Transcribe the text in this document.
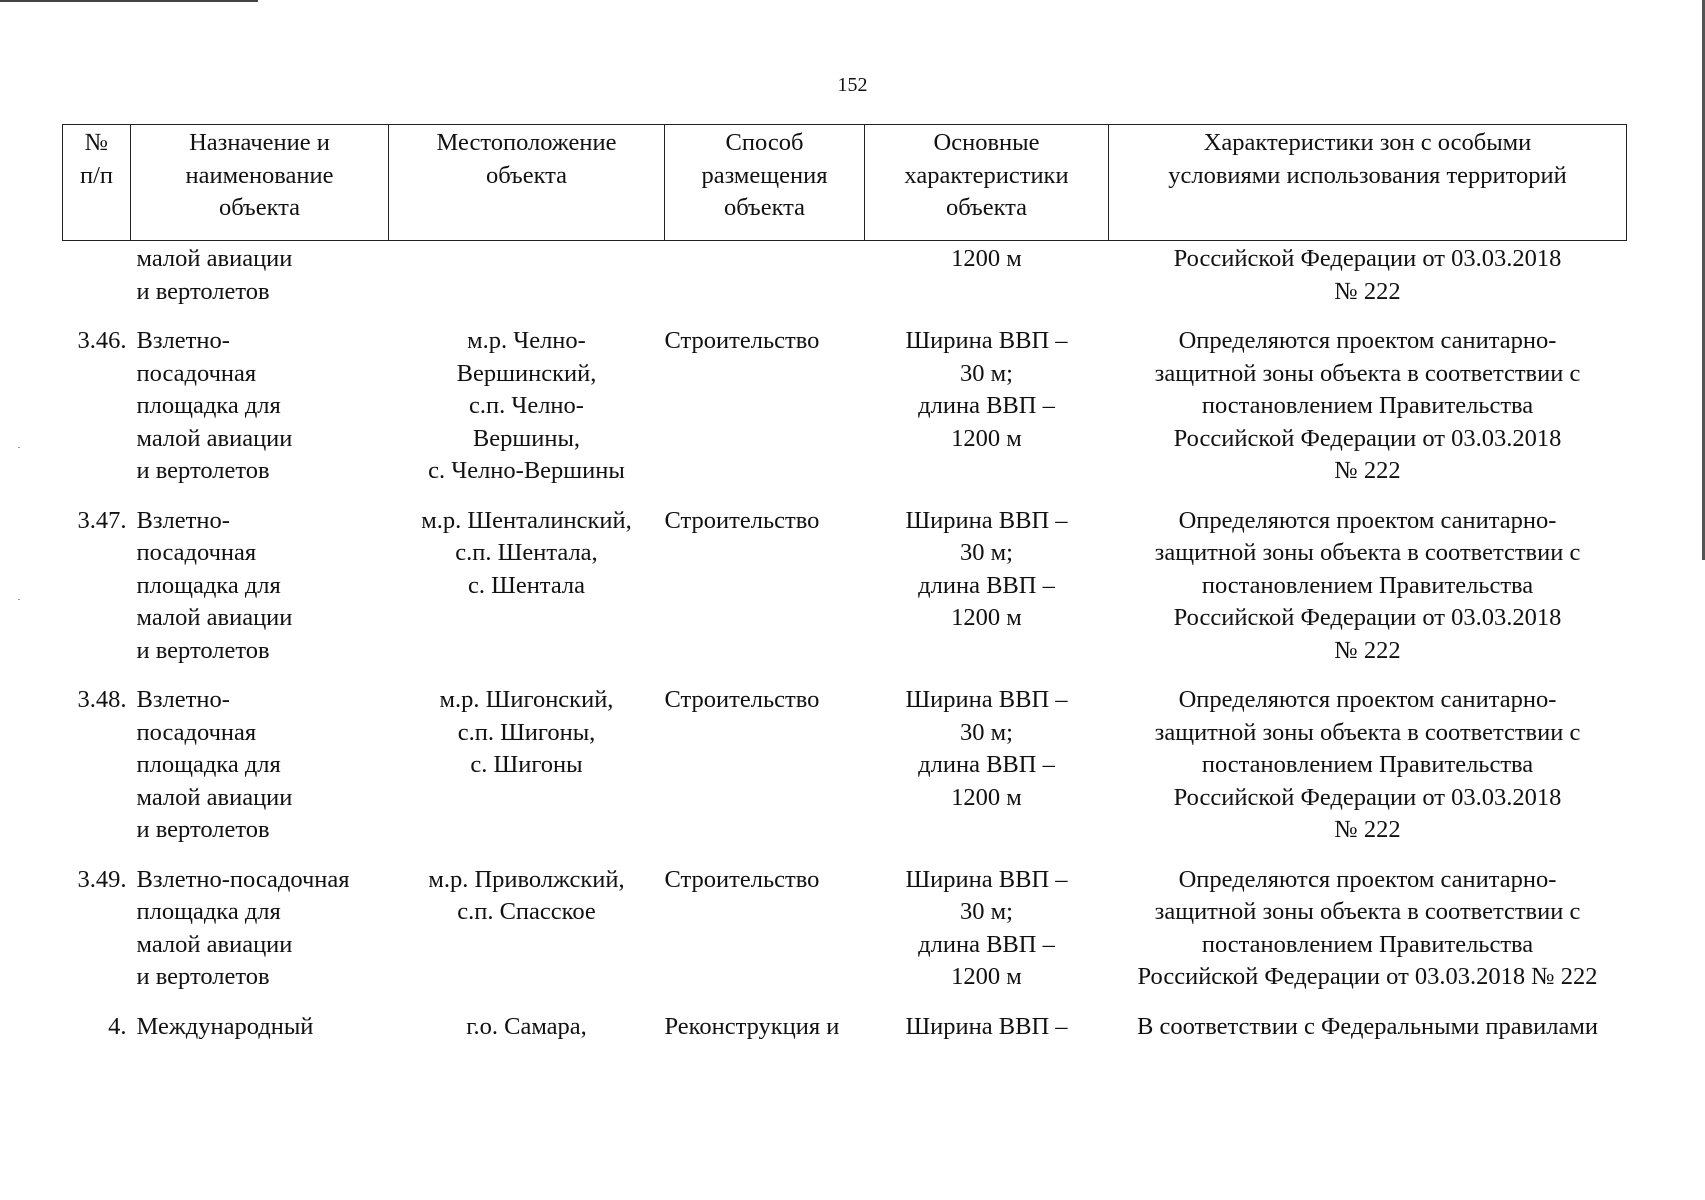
152
№
п/п	Назначение и
наименование
объекта	Местоположение
объекта	Способ
размещения
объекта	Основные
характеристики
объекта	Характеристики зон с особыми
условиями использования территорий

	малой авиации
и вертолетов			1200 м	Российской Федерации от 03.03.2018
№ 222

3.46.	Взлетно-
посадочная
площадка для
малой авиации
и вертолетов	м.р. Челно-
Вершинский,
с.п. Челно-
Вершины,
с. Челно-Вершины	Строительство	Ширина ВВП –
30 м;
длина ВВП –
1200 м	Определяются проектом санитарно-
защитной зоны объекта в соответствии с
постановлением Правительства
Российской Федерации от 03.03.2018
№ 222

3.47.	Взлетно-
посадочная
площадка для
малой авиации
и вертолетов	м.р. Шенталинский,
с.п. Шентала,
с. Шентала	Строительство	Ширина ВВП –
30 м;
длина ВВП –
1200 м	Определяются проектом санитарно-
защитной зоны объекта в соответствии с
постановлением Правительства
Российской Федерации от 03.03.2018
№ 222

3.48.	Взлетно-
посадочная
площадка для
малой авиации
и вертолетов	м.р. Шигонский,
с.п. Шигоны,
с. Шигоны	Строительство	Ширина ВВП –
30 м;
длина ВВП –
1200 м	Определяются проектом санитарно-
защитной зоны объекта в соответствии с
постановлением Правительства
Российской Федерации от 03.03.2018
№ 222

3.49.	Взлетно-посадочная
площадка для
малой авиации
и вертолетов	м.р. Приволжский,
с.п. Спасское	Строительство	Ширина ВВП –
30 м;
длина ВВП –
1200 м	Определяются проектом санитарно-
защитной зоны объекта в соответствии с
постановлением Правительства
Российской Федерации от 03.03.2018 № 222

4.	Международный	г.о. Самара,	Реконструкция и	Ширина ВВП –	В соответствии с Федеральными правилами
